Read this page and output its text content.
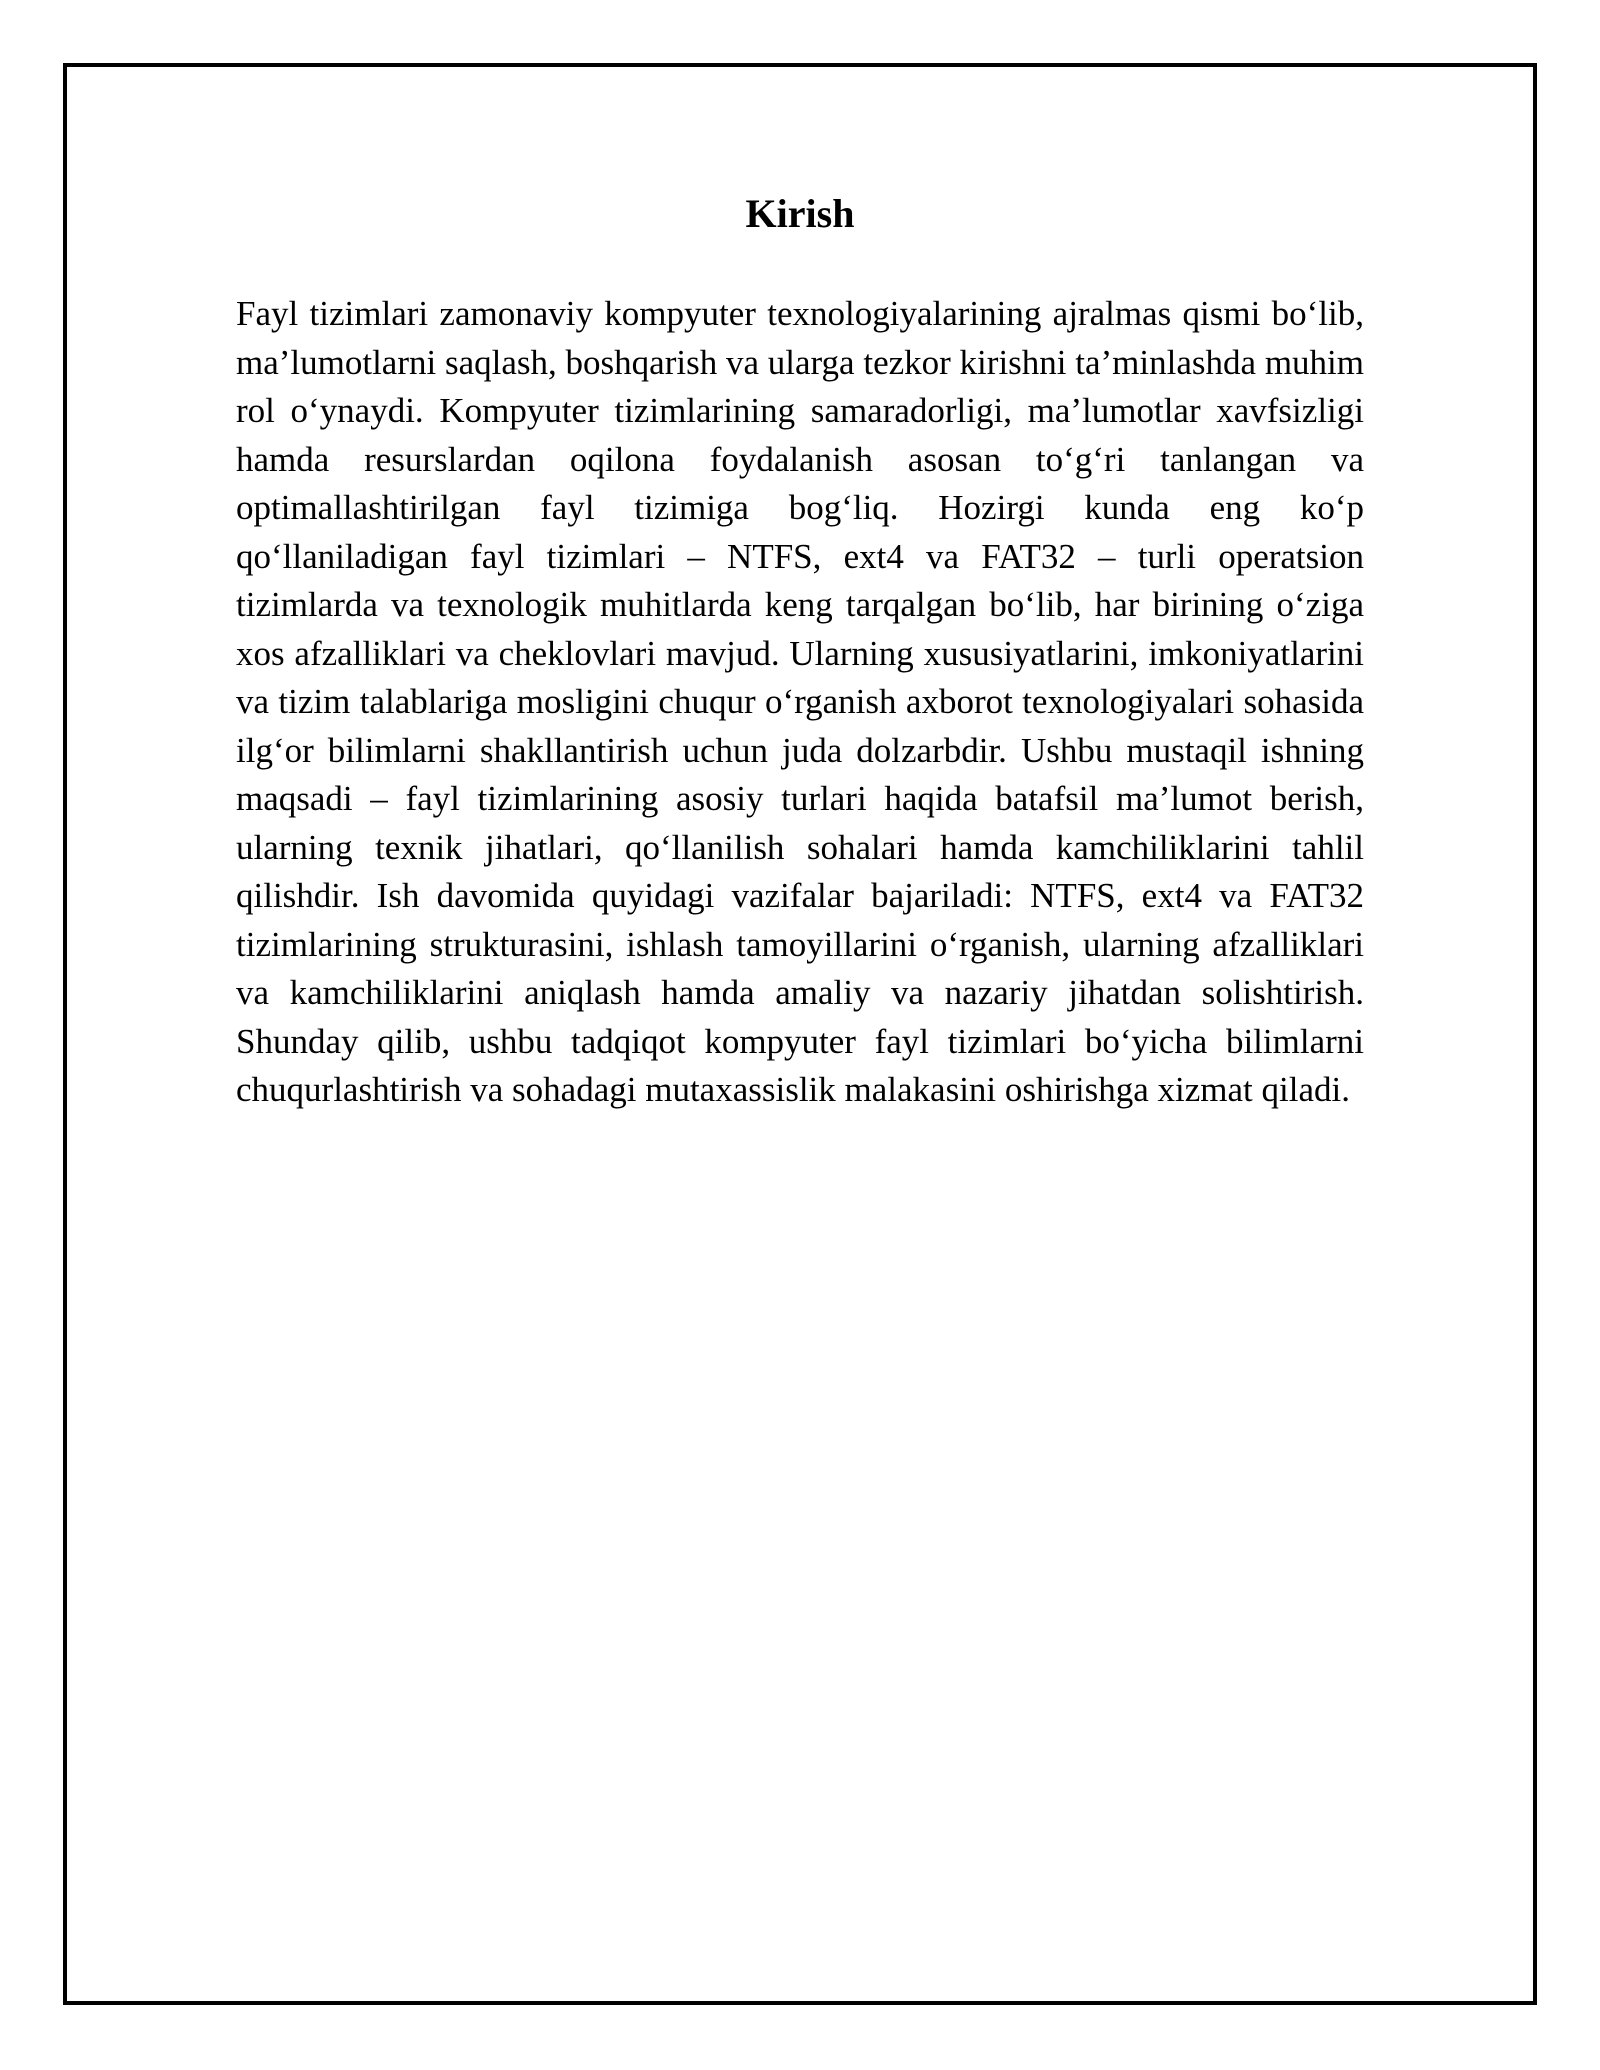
Kirish

Fayl tizimlari zamonaviy kompyuter texnologiyalarining ajralmas qismi bo‘lib, ma’lumotlarni saqlash, boshqarish va ularga tezkor kirishni ta’minlashda muhim rol o‘ynaydi. Kompyuter tizimlarining samaradorligi, ma’lumotlar xavfsizligi hamda resurslardan oqilona foydalanish asosan to‘g‘ri tanlangan va optimallashtirilgan fayl tizimiga bog‘liq. Hozirgi kunda eng ko‘p qo‘llaniladigan fayl tizimlari – NTFS, ext4 va FAT32 – turli operatsion tizimlarda va texnologik muhitlarda keng tarqalgan bo‘lib, har birining o‘ziga xos afzalliklari va cheklovlari mavjud. Ularning xususiyatlarini, imkoniyatlarini va tizim talablariga mosligini chuqur o‘rganish axborot texnologiyalari sohasida ilg‘or bilimlarni shakllantirish uchun juda dolzarbdir. Ushbu mustaqil ishning maqsadi – fayl tizimlarining asosiy turlari haqida batafsil ma’lumot berish, ularning texnik jihatlari, qo‘llanilish sohalari hamda kamchiliklarini tahlil qilishdir. Ish davomida quyidagi vazifalar bajariladi: NTFS, ext4 va FAT32 tizimlarining strukturasini, ishlash tamoyillarini o‘rganish, ularning afzalliklari va kamchiliklarini aniqlash hamda amaliy va nazariy jihatdan solishtirish. Shunday qilib, ushbu tadqiqot kompyuter fayl tizimlari bo‘yicha bilimlarni chuqurlashtirish va sohadagi mutaxassislik malakasini oshirishga xizmat qiladi.
